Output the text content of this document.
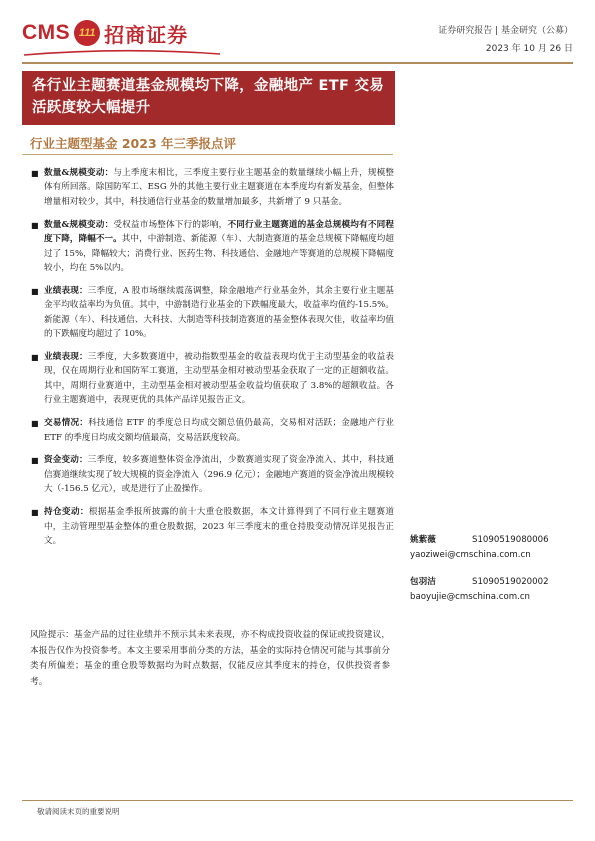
CMS 111 招商证券	证券研究报告 | 基金研究（公募）
2023 年 10 月 26 日
各行业主题赛道基金规模均下降，金融地产 ETF 交易活跃度较大幅提升
行业主题型基金 2023 年三季报点评
■ 数量&规模变动：与上季度末相比，三季度主要行业主题基金的数量继续小幅上升，规模整体有所回落。除国防军工、ESG 外的其他主要行业主题赛道在本季度均有新发基金，但整体增量相对较少，其中，科技通信行业基金的数量增加最多，共新增了 9 只基金。
■ 数量&规模变动：受权益市场整体下行的影响，不同行业主题赛道的基金总规模均有不同程度下降，降幅不一。其中，中游制造、新能源（车）、大制造赛道的基金总规模下降幅度均超过了 15%，降幅较大；消费行业、医药生物、科技通信、金融地产等赛道的总规模下降幅度较小，均在 5%以内。
■ 业绩表现：三季度，A 股市场继续震荡调整，除金融地产行业基金外，其余主要行业主题基金平均收益率均为负值。其中，中游制造行业基金的下跌幅度最大，收益率均值约-15.5%。新能源（车）、科技通信、大科技、大制造等科技制造赛道的基金整体表现欠佳，收益率均值的下跌幅度均超过了 10%。
■ 业绩表现：三季度，大多数赛道中，被动指数型基金的收益表现均优于主动型基金的收益表现，仅在周期行业和国防军工赛道，主动型基金相对被动型基金获取了一定的正超额收益。其中，周期行业赛道中，主动型基金相对被动型基金收益均值获取了 3.8%的超额收益。各行业主题赛道中，表现更优的具体产品详见报告正文。
■ 交易情况：科技通信 ETF 的季度总日均成交额总值仍最高，交易相对活跃；金融地产行业 ETF 的季度日均成交额均值最高，交易活跃度较高。
■ 资金变动：三季度，较多赛道整体资金净流出，少数赛道实现了资金净流入、其中，科技通信赛道继续实现了较大规模的资金净流入（296.9 亿元）；金融地产赛道的资金净流出规模较大（-156.5 亿元），或是进行了止盈操作。
■ 持仓变动：根据基金季报所披露的前十大重仓股数据，本文计算得到了不同行业主题赛道中，主动管理型基金整体的重仓股数据，2023 年三季度末的重仓持股变动情况详见报告正文。	姚紫薇	S1090519080006
yaoziwei@cmschina.com.cn
包羽洁	S1090519020002
baoyujie@cmschina.com.cn
风险提示：基金产品的过往业绩并不预示其未来表现，亦不构成投资收益的保证或投资建议，本报告仅作为投资参考。本文主要采用事前分类的方法，基金的实际持仓情况可能与其事前分类有所偏差；基金的重仓股等数据均为时点数据，仅能反应其季度末的持仓，仅供投资者参考。
敬请阅读末页的重要说明
